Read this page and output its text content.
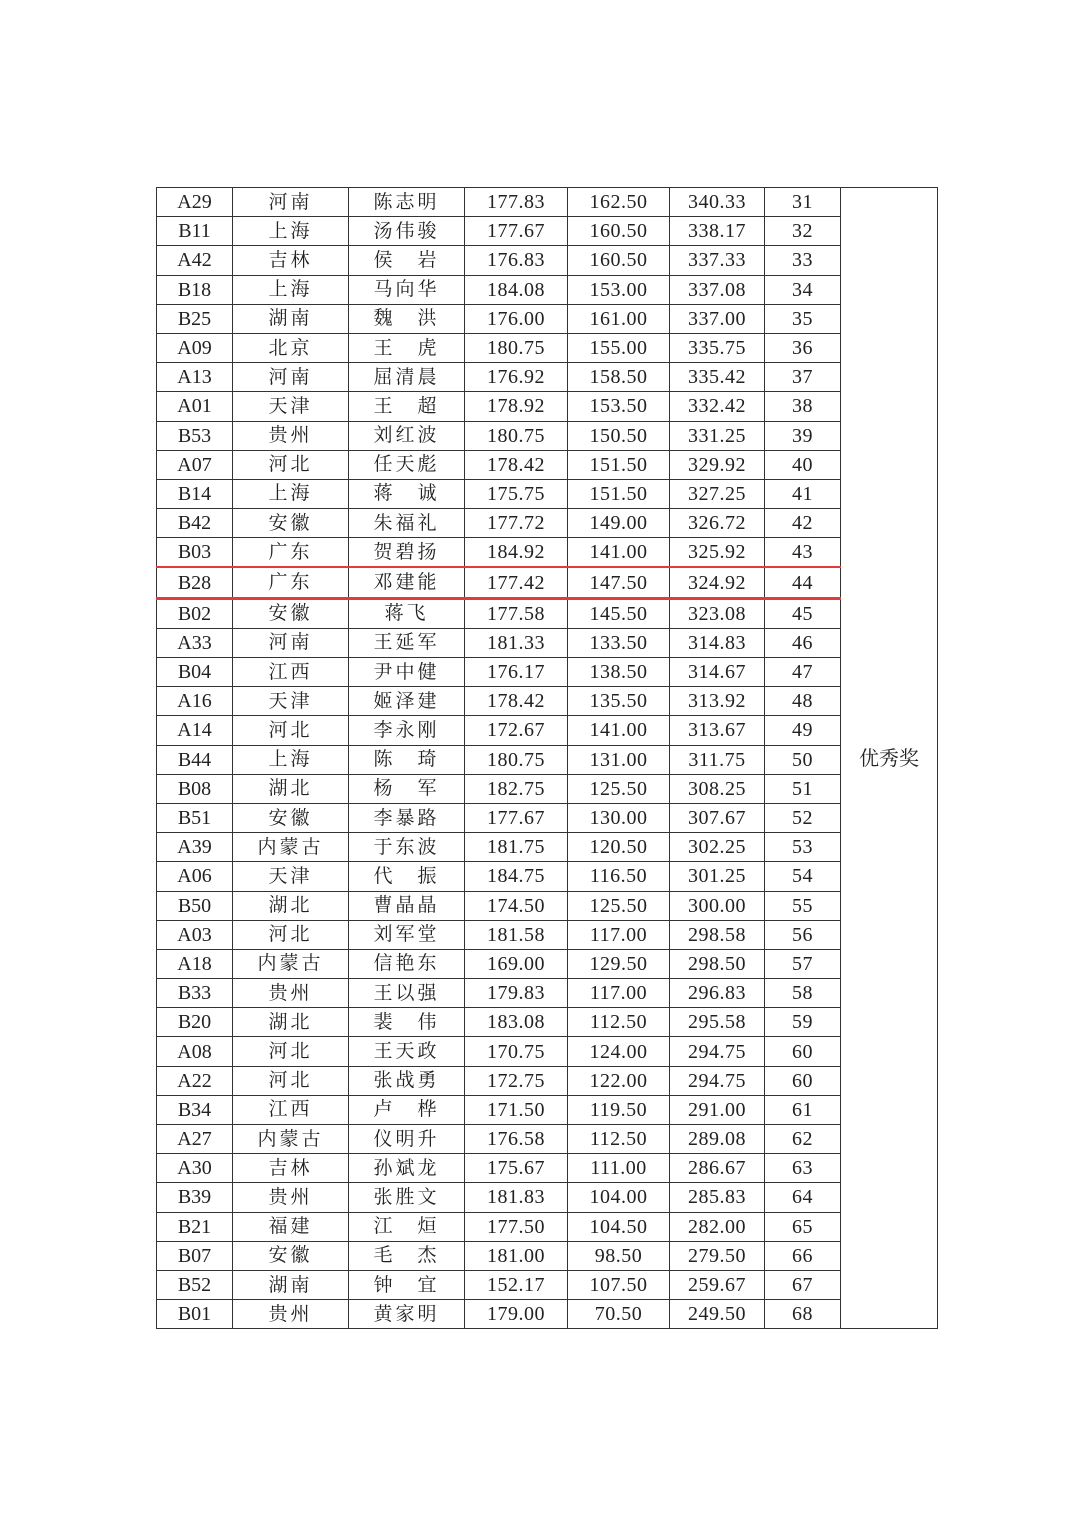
A29	河南	陈志明	177.83	162.50	340.33	31	优秀奖
B11	上海	汤伟骏	177.67	160.50	338.17	32	
A42	吉林	侯　岩	176.83	160.50	337.33	33	
B18	上海	马向华	184.08	153.00	337.08	34	
B25	湖南	魏　洪	176.00	161.00	337.00	35	
A09	北京	王　虎	180.75	155.00	335.75	36	
A13	河南	屈清晨	176.92	158.50	335.42	37	
A01	天津	王　超	178.92	153.50	332.42	38	
B53	贵州	刘红波	180.75	150.50	331.25	39	
A07	河北	任天彪	178.42	151.50	329.92	40	
B14	上海	蒋　诚	175.75	151.50	327.25	41	
B42	安徽	朱福礼	177.72	149.00	326.72	42	
B03	广东	贺碧扬	184.92	141.00	325.92	43	
B28	广东	邓建能	177.42	147.50	324.92	44	
B02	安徽	蒋飞	177.58	145.50	323.08	45	
A33	河南	王延军	181.33	133.50	314.83	46	
B04	江西	尹中健	176.17	138.50	314.67	47	
A16	天津	姬泽建	178.42	135.50	313.92	48	
A14	河北	李永刚	172.67	141.00	313.67	49	
B44	上海	陈　琦	180.75	131.00	311.75	50	
B08	湖北	杨　军	182.75	125.50	308.25	51	
B51	安徽	李暴路	177.67	130.00	307.67	52	
A39	内蒙古	于东波	181.75	120.50	302.25	53	
A06	天津	代　振	184.75	116.50	301.25	54	
B50	湖北	曹晶晶	174.50	125.50	300.00	55	
A03	河北	刘军堂	181.58	117.00	298.58	56	
A18	内蒙古	信艳东	169.00	129.50	298.50	57	
B33	贵州	王以强	179.83	117.00	296.83	58	
B20	湖北	裴　伟	183.08	112.50	295.58	59	
A08	河北	王天政	170.75	124.00	294.75	60	
A22	河北	张战勇	172.75	122.00	294.75	60	
B34	江西	卢　桦	171.50	119.50	291.00	61	
A27	内蒙古	仪明升	176.58	112.50	289.08	62	
A30	吉林	孙斌龙	175.67	111.00	286.67	63	
B39	贵州	张胜文	181.83	104.00	285.83	64	
B21	福建	江　烜	177.50	104.50	282.00	65	
B07	安徽	毛　杰	181.00	98.50	279.50	66	
B52	湖南	钟　宜	152.17	107.50	259.67	67	
B01	贵州	黄家明	179.00	70.50	249.50	68	
